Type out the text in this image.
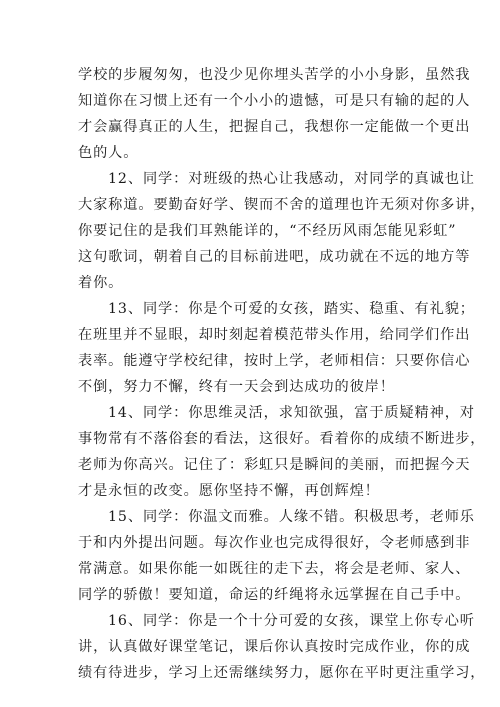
学校的步履匆匆，也没少见你埋头苦学的小小身影，虽然我
知道你在习惯上还有一个小小的遗憾，可是只有输的起的人
才会赢得真正的人生，把握自己，我想你一定能做一个更出
色的人。
12、同学：对班级的热心让我感动，对同学的真诚也让
大家称道。要勤奋好学、锲而不舍的道理也许无须对你多讲，
你要记住的是我们耳熟能详的，“不经历风雨怎能见彩虹”
这句歌词，朝着自己的目标前进吧，成功就在不远的地方等
着你。
13、同学：你是个可爱的女孩，踏实、稳重、有礼貌；
在班里并不显眼，却时刻起着模范带头作用，给同学们作出
表率。能遵守学校纪律，按时上学，老师相信：只要你信心
不倒，努力不懈，终有一天会到达成功的彼岸！
14、同学：你思维灵活，求知欲强，富于质疑精神，对
事物常有不落俗套的看法，这很好。看着你的成绩不断进步，
老师为你高兴。记住了：彩虹只是瞬间的美丽，而把握今天
才是永恒的改变。愿你坚持不懈，再创辉煌！
15、同学：你温文而雅。人缘不错。积极思考，老师乐
于和内外提出问题。每次作业也完成得很好，令老师感到非
常满意。如果你能一如既往的走下去，将会是老师、家人、
同学的骄傲！要知道，命运的纤绳将永远掌握在自己手中。
16、同学：你是一个十分可爱的女孩，课堂上你专心听
讲，认真做好课堂笔记，课后你认真按时完成作业，你的成
绩有待进步，学习上还需继续努力，愿你在平时更注重学习，
